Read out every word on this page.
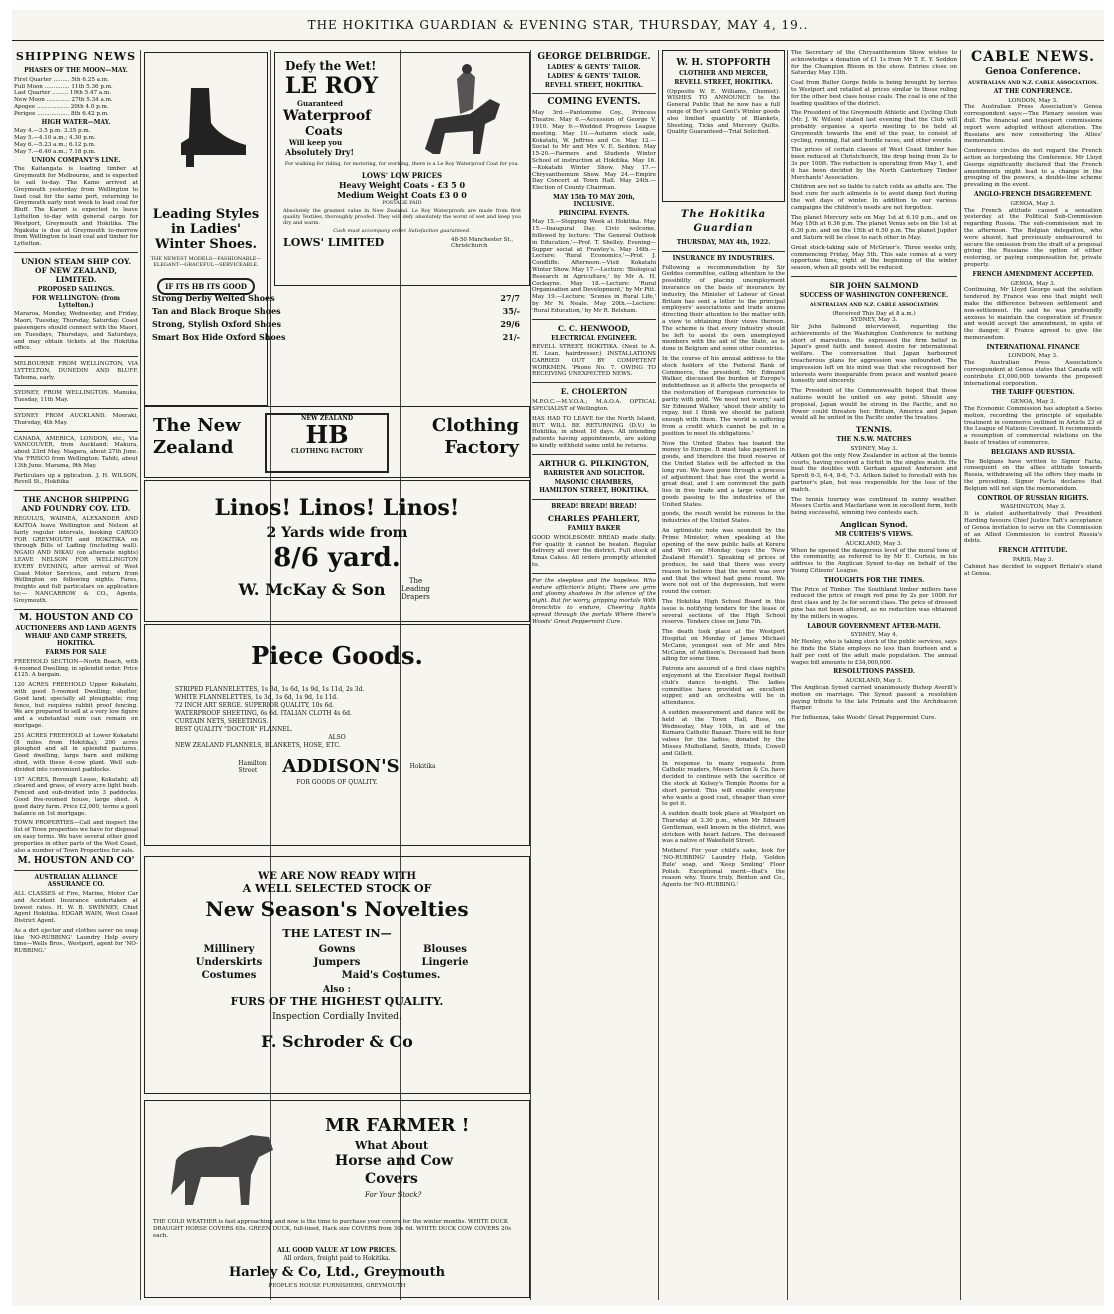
THE HOKITIKA GUARDIAN & EVENING STAR, THURSDAY, MAY 4, 19..
SHIPPING NEWS
PHASES OF THE MOON—MAY.
First Quarter ......... 5th 6.25 a.m.
Full Moon .............. 11th 5.36 p.m.
Last Quarter ......... 19th 5.47 a.m.
New Moon ............. 27th 5.34 a.m.
Apogee .................. 20th 4.0 p.m.
Perigee .................. 8th 6.42 p.m.
HIGH WATER—MAY.
May 4.—3.5 p.m. 3.35 p.m.
May 5.—4.10 a.m.; 4.30 p.m.
May 6.—5.23 a.m.; 6.12 p.m.
May 7.—6.40 a.m.; 7.18 p.m.
UNION COMPANY'S LINE.

The Kaitangata is loading timber at Greymouth for Melbourne, and is expected to sail to-day. The Kamo arrived at Greymouth yesterday from Wellington to load coal for the same port, returning to Greymouth early next week to load coal for Bluff. The Karori is expected to leave Lyttelton to-day with general cargo for Westport, Greymouth and Hokitika. The Ngakuta is due at Greymouth to-morrow from Wellington to load coal and timber for Lyttelton.

UNION STEAM SHIP COY. OF NEW ZEALAND, LIMITED.
PROPOSED SAILINGS.
FOR WELLINGTON: (from Lyttelton.)

Mararoa, Monday, Wednesday, and Friday. Maori, Tuesday, Thursday, Saturday. Coast passengers should connect with the Maori, on Tuesdays, Thursdays, and Saturdays, and may obtain tickets at the Hokitika office.

MELBOURNE FROM WELLINGTON, VIA LYTTELTON, DUNEDIN AND BLUFF. Tahoma, early.

SYDNEY, FROM WELLINGTON. Manuka, Tuesday, 11th May.

SYDNEY FROM AUCKLAND. Moeraki, Thursday, 4th May.

CANADA, AMERICA, LONDON, etc., Via VANCOUVER, from Auckland: Makura, about 23rd May. Niagara, about 27th June. Via 'FRISCO from Wellington: Tahiti, about 13th June. Marama, 9th May.

Particulars up a pplication. J. H. WILSON, Revell St., Hokitika

THE ANCHOR SHIPPING AND FOUNDRY COY. LTD.

REGULUS, WAIMEA, ALEXANDER AND KAITOA leave Wellington and Nelson at fairly regular intervals, booking CARGO FOR GREYMOUTH and HOKITIKA on through Bills of Lading (including wall). NGAIO AND NIKAU (on alternate nights) LEAVE NELSON FOR WELLINGTON EVERY EVENING, after arrival of West Coast Motor Services, and return from Wellington on following nights. Fares, freights and full particulars on application to:— NANCARROW & CO., Agents, Greymouth.

M. HOUSTON AND CO
AUCTIONEERS AND LAND AGENTS
WHARF AND CAMP STREETS, HOKITIKA.
FARMS FOR SALE

FREEHOLD SECTION—North Beach, with 4-roomed Dwelling, in splendid order. Price £125. A bargain.

120 ACRES FREEHOLD Upper Kokatahi, with good 5-roomed Dwelling; shelter, Good land; specially all ploughable; ring fence, but requires rabbit proof fencing. We are prepared to sell at a very low figure and a substantial sum can remain on mortgage.

251 ACRES FREEHOLD at Lower Kokatahi (8 miles from Hokitika); 200 acres ploughed and all in splendid pastures. Good dwelling, large barn and milking shed, with these 4-cow plant. Well sub-divided into convenient paddocks.

197 ACRES, Borough Lease, Kokatahi; all cleared and grass, of every acre light bush. Fenced and sub-divided into 3 paddocks. Good five-roomed house, large shed. A good dairy farm. Price £2,000, terms a gool balance on 1st mortgage.

TOWN PROPERTIES—Call and inspect the list of Town properties we have for disposal on easy terms. We have several other good properties in other parts of the West Coast, also a number of Town Properties for sale.

M. HOUSTON AND CO'
AUSTRALIAN ALLIANCE ASSURANCE CO.

ALL CLASSES of Fire, Marine, Motor Car and Accident Insurance undertaken at lowest rates. H. W. B. SWINNEY, Chief Agent Hokitika. EDGAR WAIN, West Coast District Agent.

As a dirt ejector and clothes saver no soap like 'NO-RUBBING' Laundry Help every time—Wells Bros., Westport, agent for 'NO-RUBBING.'

Leading Styles in Ladies' Winter Shoes.
THE NEWEST MODELS—FASHIONABLE—ELEGANT—GRACEFUL—SERVICEABLE.
IF ITS HB ITS GOOD
Strong Derby Welted Shoes	27/7
Tan and Black Broque Shoes	35/-
Strong, Stylish Oxford Shoes	29/6
Smart Box Hide Oxford Shoes	21/-
The New
Zealand
NEW ZEALAND
HB
CLOTHING FACTORY
Clothing
Factory
Defy the Wet!
LE ROY
Guaranteed
Waterproof
Coats
Will keep you
Absolutely Dry!
For walking for riding, for motoring, for working, there is a Le Roy Waterproof Coat for you.
LOWS' LOW PRICES
Heavy Weight Coats - £3 5 0
Medium Weight Coats £3 0 0
POSTAGE PAID
Absolutely the greatest value in New Zealand. Le Roy Waterproofs are made from first quality Textiles, thoroughly proofed. They will defy absolutely the worst of wet and keep you dry and warm.
Cash must accompany order. Satisfaction guaranteed.
LOWS' LIMITED	48-50 Manchester St., Christchurch
Linos! Linos! Linos!
2 Yards wide from
8/6 yard.
W. McKay & Son	The Leading Drapers
Piece Goods.
STRIPED FLANNELETTES, 1s 3d, 1s 6d, 1s 9d, 1s 11d, 2s 3d.
WHITE FLANNELETTES, 1s 3d, 1s 6d, 1s 9d, 1s 11d.
72 INCH ART SERGE. SUPERIOR QUALITY, 10s 6d.
WATERPROOF SHEETING, 6s 6d. ITALIAN CLOTH 4s 6d.
CURTAIN NETS, SHEETINGS.
BEST QUALITY "DOCTOR" FLANNEL.
ALSO
NEW ZEALAND FLANNELS, BLANKETS, HOSE, ETC.
Hamilton Street	ADDISON'S Hokitika
FOR GOODS OF QUALITY.
WE ARE NOW READY WITH
A WELL SELECTED STOCK OF
New Season's Novelties
THE LATEST IN—
Millinery	Gowns	Blouses
Underskirts	Jumpers	Lingerie
Costumes	Maid's Costumes.
Also :
FURS OF THE HIGHEST QUALITY.
Inspection Cordially Invited.
F. Schroder & Co
MR FARMER !
What About
Horse and Cow
Covers
For Your Stock?
THE COLD WEATHER is fast approaching and now is the time to purchase your covers for the winter months. WHITE DUCK DRAUGHT HORSE COVERS 65s. GREEN DUCK, full-lined, Hack size COVERS from 30s 6d. WHITE DUCK COW COVERS 20s each.
ALL GOOD VALUE AT LOW PRICES.
All orders, freight paid to Hokitika.
Harley & Co, Ltd., Greymouth
PEOPLE'S HOUSE FURNISHERS, GREYMOUTH
GEORGE DELBRIDGE.
LADIES' & GENTS' TAILOR.
LADIES' & GENTS' TAILOR.
REVELL STREET, HOKITIKA.
COMING EVENTS.

May 3rd.—Pantomime Coy., Princess Theatre. May 6.—Accession of George V, 1910. May 9.—Wedded Progress League meeting. May 10.—Autumn stock sale, Kokatahi, W. Jeffries and Co. May 12.—Social to Mr and Mrs V. E. Seddon. May 15-20.—Farmers and Students Winter School of instruction at Hokitika. May 16.—Kokatahi Winter Show. May 17.—Chrysanthemum Show. May 24.—Empire Day Concert at Town Hall. May 24th.—Election of County Chairman.

MAY 15th TO MAY 20th, INCLUSIVE.
PRINCIPAL EVENTS.

May 15.—Stopping Week at Hokitika. May 15.—Inaugural Day. Civic welcome, followed by lecture: 'The General Outlook in Education,'—Prof. T. Shelley. Evening—Supper social at Frawley's. May 16th.—Lecture: 'Rural Economics,'—Prof. J. Condliffe. Afternoon.—Visit Kokatahi Winter Show. May 17.—Lecture: 'Biological Research in Agriculture,' by Mr A. H. Cockayne. May 18.—Lecture: 'Rural Organisation and Development,' by Mr Pitt. May 19.—Lecture: 'Scenes in Rural Life,' by Mr N. Neale. May 20th.—Lecture: 'Rural Education,' by Mr R. Belsham.

C. C. HENWOOD,
ELECTRICAL ENGINEER.

REVELL STREET, HOKITIKA. (Next to A. H. Lean, hairdresser.) INSTALLATIONS CARRIED OUT BY COMPETENT WORKMEN. 'Phone No. 7. OWING TO RECEIVING UNEXPECTED NEWS.

E. CHOLERTON

M.P.O.C.—M.V.O.A.; M.A.O.A. OPTICAL SPECIALIST of Wellington.

HAS HAD TO LEAVE for the North Island, BUT WILL BE RETURNING (D.V.) to Hokitika, in about 10 days. All intending patients having appointments, are asking to kindly withhold same until he returns.

ARTHUR G. PILKINGTON,
BARRISTER AND SOLICITOR.
MASONIC CHAMBERS,
HAMILTON STREET, HOKITIKA.
BREAD! BREAD! BREAD!
CHARLES PFAHLERT,
FAMILY BAKER

GOOD WHOLESOME BREAD made daily. For quality it cannot be beaten. Regular delivery all over the district. Full stock of Xmas Cakes. All orders promptly attended to.

For the sleepless and the hopeless. Who endure affliction's blight; There are grim and gloomy shadows In the silence of the night. But for worry, gripping mortals With bronchitis to endure, Cheering lights spread through the portals Where there's Woods' Great Peppermint Cure.

W. H. STOPFORTH
CLOTHIER AND MERCER,
REVELL STREET, HOKITIKA.

(Opposite W. E. Williams, Chemist). WISHES TO ANNOUNCE to the General Public that he now has a full range of Boy's and Gent's Winter goods also limited quantity of Blankets, Sheeting, Ticks and Mercery Quilts. Quality Guaranteed—Trial Solicited.

The Hokitika Guardian
THURSDAY, MAY 4th, 1922.
INSURANCE BY INDUSTRIES.

Following a recommendation by Sir Geddes committee, calling attention to the possibility of placing unemployment insurance on the basis of insurance by industry, the Minister of Labour of Great Britain has sent a letter to the principal employers' associations and trade unions directing their attention to the matter with a view to obtaining their views thereon. The scheme is that every industry should be left to assist its own unemployed members with the aid of the State, as is done in Belgium and some other countries.

In the course of his annual address to the stock holders of the Federal Bank of Commerce, the president, Mr. Edmund Walker, discussed the burden of Europe's indebtedness as it affects the prospects of the restoration of European currencies to parity with gold. 'We need not worry,' said Sir Edmund Walker, 'about their ability to repay, but I think we should be patient enough with them. The world is suffering from a credit which cannot be put in a position to meet its obligations.'

Now the United States has loaned the money to Europe. It must take payment in goods, and therefore the fixed reserve of the United States will be affected in the long run. We have gone through a process of adjustment that has cost the world a great deal, and I am convinced the path lies in free trade and a large volume of goods passing to the industries of the United States.

goods, the result would be ruinous to the industries of the United States.

An optimistic note was sounded by the Prime Minister, when speaking at the opening of the new public halls at Kereru and Wiri on Monday (says the 'New Zealand Herald'). Speaking of prices of produce, he said that there was every reason to believe that the worst was over and that the wheel had gone round. We were not out of the depression, but were round the corner.

The Hokitika High School Board in this issue is notifying tenders for the lease of several sections of the High School reserve. Tenders close on June 7th.

The death took place at the Westport Hospital on Monday of James Michael McCann, youngest son of Mr and Mrs McCann, of Addison's. Deceased had been ailing for some time.

Patrons are assured of a first class night's enjoyment at the Excelsior Regal football club's dance to-night. The ladies committee have provided an excellent supper, and an orchestra will be in attendance.

A sudden measurement and dance will be held at the Town Hall, Ross, on Wednesday, May 10th, in aid of the Kumara Catholic Bazaar. There will be four valses for the ladies, donated by the Misses Mulholland, Smith, Hinds, Cowell and Gillett.

In response to many requests from Catholic readers, Messrs Seton & Co. have decided to continue with the sacrifice of the stock at Kelsey's Temple Rooms for a short period. This will enable everyone who wants a good coat, cheaper than ever to get it.

A sudden death took place at Westport on Thursday at 3.30 p.m., when Mr Edward Gentleman, well known in the district, was stricken with heart failure. The deceased was a native of Wakefield Street.

Mothers! For your child's sake, look for 'NO-RUBBING' Laundry Help, 'Golden Rule' soap, and 'Keep Smiling' Floor Polish. Exceptional merit—that's the reason why. Yours truly, Benton and Co., Agents for 'NO-RUBBING.'

The Secretary of the Chrysanthemum Show wishes to acknowledge a donation of £1 1s from Mr T. E. Y. Seddon for the Champion Bloom in the show. Entries close on Saturday May 13th.

Coal from Buller Gorge fields is being brought by lorries to Westport and retailed at prices similar to those ruling for the other best class house coals. The coal is one of the leading qualities of the district.

The President of the Greymouth Athletic and Cycling Club (Mr. J. W. Wilson) stated last evening that the Club will probably organise a sports meeting to be held at Greymouth towards the end of the year, to consist of cycling, running, flat and hurdle races, and other events.

The prices of certain classes of West Coast timber has been reduced at Christchurch, the drop being from 2s to 3s per 100ft. The reduction is operating from May 1, and it has been decided by the North Canterbury Timber Merchants' Association.

Children are not so liable to catch colds as adults are. The best cure for such ailments is to avoid damp feet during the wet days of winter. In addition to our various campaigns the children's needs are not forgotten.

The planet Mercury sets on May 1st at 6.10 p.m., and on May 15th at 6.36 p.m. The planet Venus sets on the 1st at 6.30 p.m. and on the 15th at 6.50 p.m. The planet Jupiter and Saturn will be close to each other in May.

Great stock-taking sale of McGruer's. Three weeks only, commencing Friday, May 5th. This sale comes at a very opportune time, right at the beginning of the winter season, when all goods will be reduced.

SIR JOHN SALMOND
SUCCESS OF WASHINGTON CONFERENCE.
AUSTRALIAN AND N.Z. CABLE ASSOCIATION
(Received This Day at 8 a.m.)
SYDNEY, May 3.

Sir John Salmond interviewed, regarding the achievements of the Washington Conference to nothing short of marvelous. He expressed the firm belief in Japan's good faith and honest desire for international welfare. The conversation that Japan harboured treacherous plans for aggression was unfounded. The impression left on his mind was that she recognised her interests were inseparable from peace and wanted peace honestly and sincerely.

The President of the Commonwealth hoped that these nations would be united on any point. Should any proposal, Japan would be strong in the Pacific, and no Power could threaten her. Britain, America and Japan would all be united in the Pacific under the treaties.

TENNIS.
THE N.S.W. MATCHES
SYDNEY, May 3.

Aitken got the only New Zealander in action at the tennis courts, having received a forfeit in the singles match. He beat the doubles with Gorham against Anderson and Sprott 6-3, 6-4, 8-6, 7-3. Aitken failed to forestall with his partner's plan, but was responsible for the loss of the match.

The tennis tourney was continued in sunny weather. Messrs Curtis and Macfarlane won in excellent form, both being successful, winning two contests each.

Anglican Synod.
MR CURTEIS'S VIEWS.
AUCKLAND, May 3.

When he opened the dangerous level of the moral tone of the community, as referred to by Mr E. Curteis, in his address to the Anglican Synod to-day on behalf of the Young Citizens' League.

THOUGHTS FOR THE TIMES.

The Price of Timber. The Southland timber millers have reduced the price of rough red pine by 2s per 100ft for first class and by 3s for second class. The price of dressed pine has not been altered, as no reduction was obtained by the millers in wages.

LABOUR GOVERNMENT AFTER-MATH.
SYDNEY, May 4.

Mr Henley, who is taking stock of the public services, says he finds the State employs no less than fourteen and a half per cent of the adult male population. The annual wages bill amounts to £34,000,000.

RESOLUTIONS PASSED.
AUCKLAND, May 3.

The Anglican Synod carried unanimously Bishop Averill's motion on marriage. The Synod passed a resolution paying tribute to the late Primate and the Archdeacon Harper.

For Influenza, take Woods' Great Peppermint Cure.

CABLE NEWS.
Genoa Conference.
AUSTRALIAN AND N.Z. CABLE ASSOCIATION.
AT THE CONFERENCE.
LONDON, May 3.

The Australian Press Association's Genoa correspondent says:—The Plenary session was dull. The financial and transport commissions report were adopted without alteration. The Russians are now considering the Allies' memorandum.

Conference circles do not regard the French action as torpedoing the Conference. Mr Lloyd George significantly declared that the French amendments might lead to a change in the grouping of the powers, a double-line scheme prevailing in the event.

ANGLO-FRENCH DISAGREEMENT.
GENOA, May 3.

The French attitude caused a sensation yesterday at the Political Sub-Commission regarding Russia. The sub-commission met in the afternoon. The Belgian delegation, who were absent, had previously endeavoured to secure the omission from the draft of a proposal giving the Russians the option of either restoring, or paying compensation for, private property.

FRENCH AMENDMENT ACCEPTED.
GENOA, May 3.

Continuing, Mr Lloyd George said the solution tendered by France was one that might well make the difference between settlement and non-settlement. He said he was profoundly anxious to maintain the cooperation of France and would accept the amendment, in spite of the danger, if France agreed to give the memorandum.

INTERNATIONAL FINANCE
LONDON, May 3.

The Australian Press Association's correspondent at Genoa states that Canada will contribute £1,000,000 towards the proposed international corporation.

THE TARIFF QUESTION.
GENOA, May 3.

The Economic Commission has adopted a Swiss motion, recording the principle of equitable treatment in commerce outlined in Article 23 of the League of Nations Covenant. It recommends a resumption of commercial relations on the basis of treaties of commerce.

BELGIANS AND RUSSIA.

The Belgians have written to Signor Facta, consequent on the allies attitude towards Russia, withdrawing all the offers they made in the preceding. Signor Facta declares that Belgium will not sign the memorandum.

CONTROL OF RUSSIAN RIGHTS.
WASHINGTON, May 3.

It is stated authoritatively that President Harding favours Chief Justice Taft's acceptance of Genoa invitation to serve on the Commission of an Allied Commission to control Russia's debts.

FRENCH ATTITUDE.
PARIS, May 3.

Cabinet has decided to support Britain's stand at Genoa.
